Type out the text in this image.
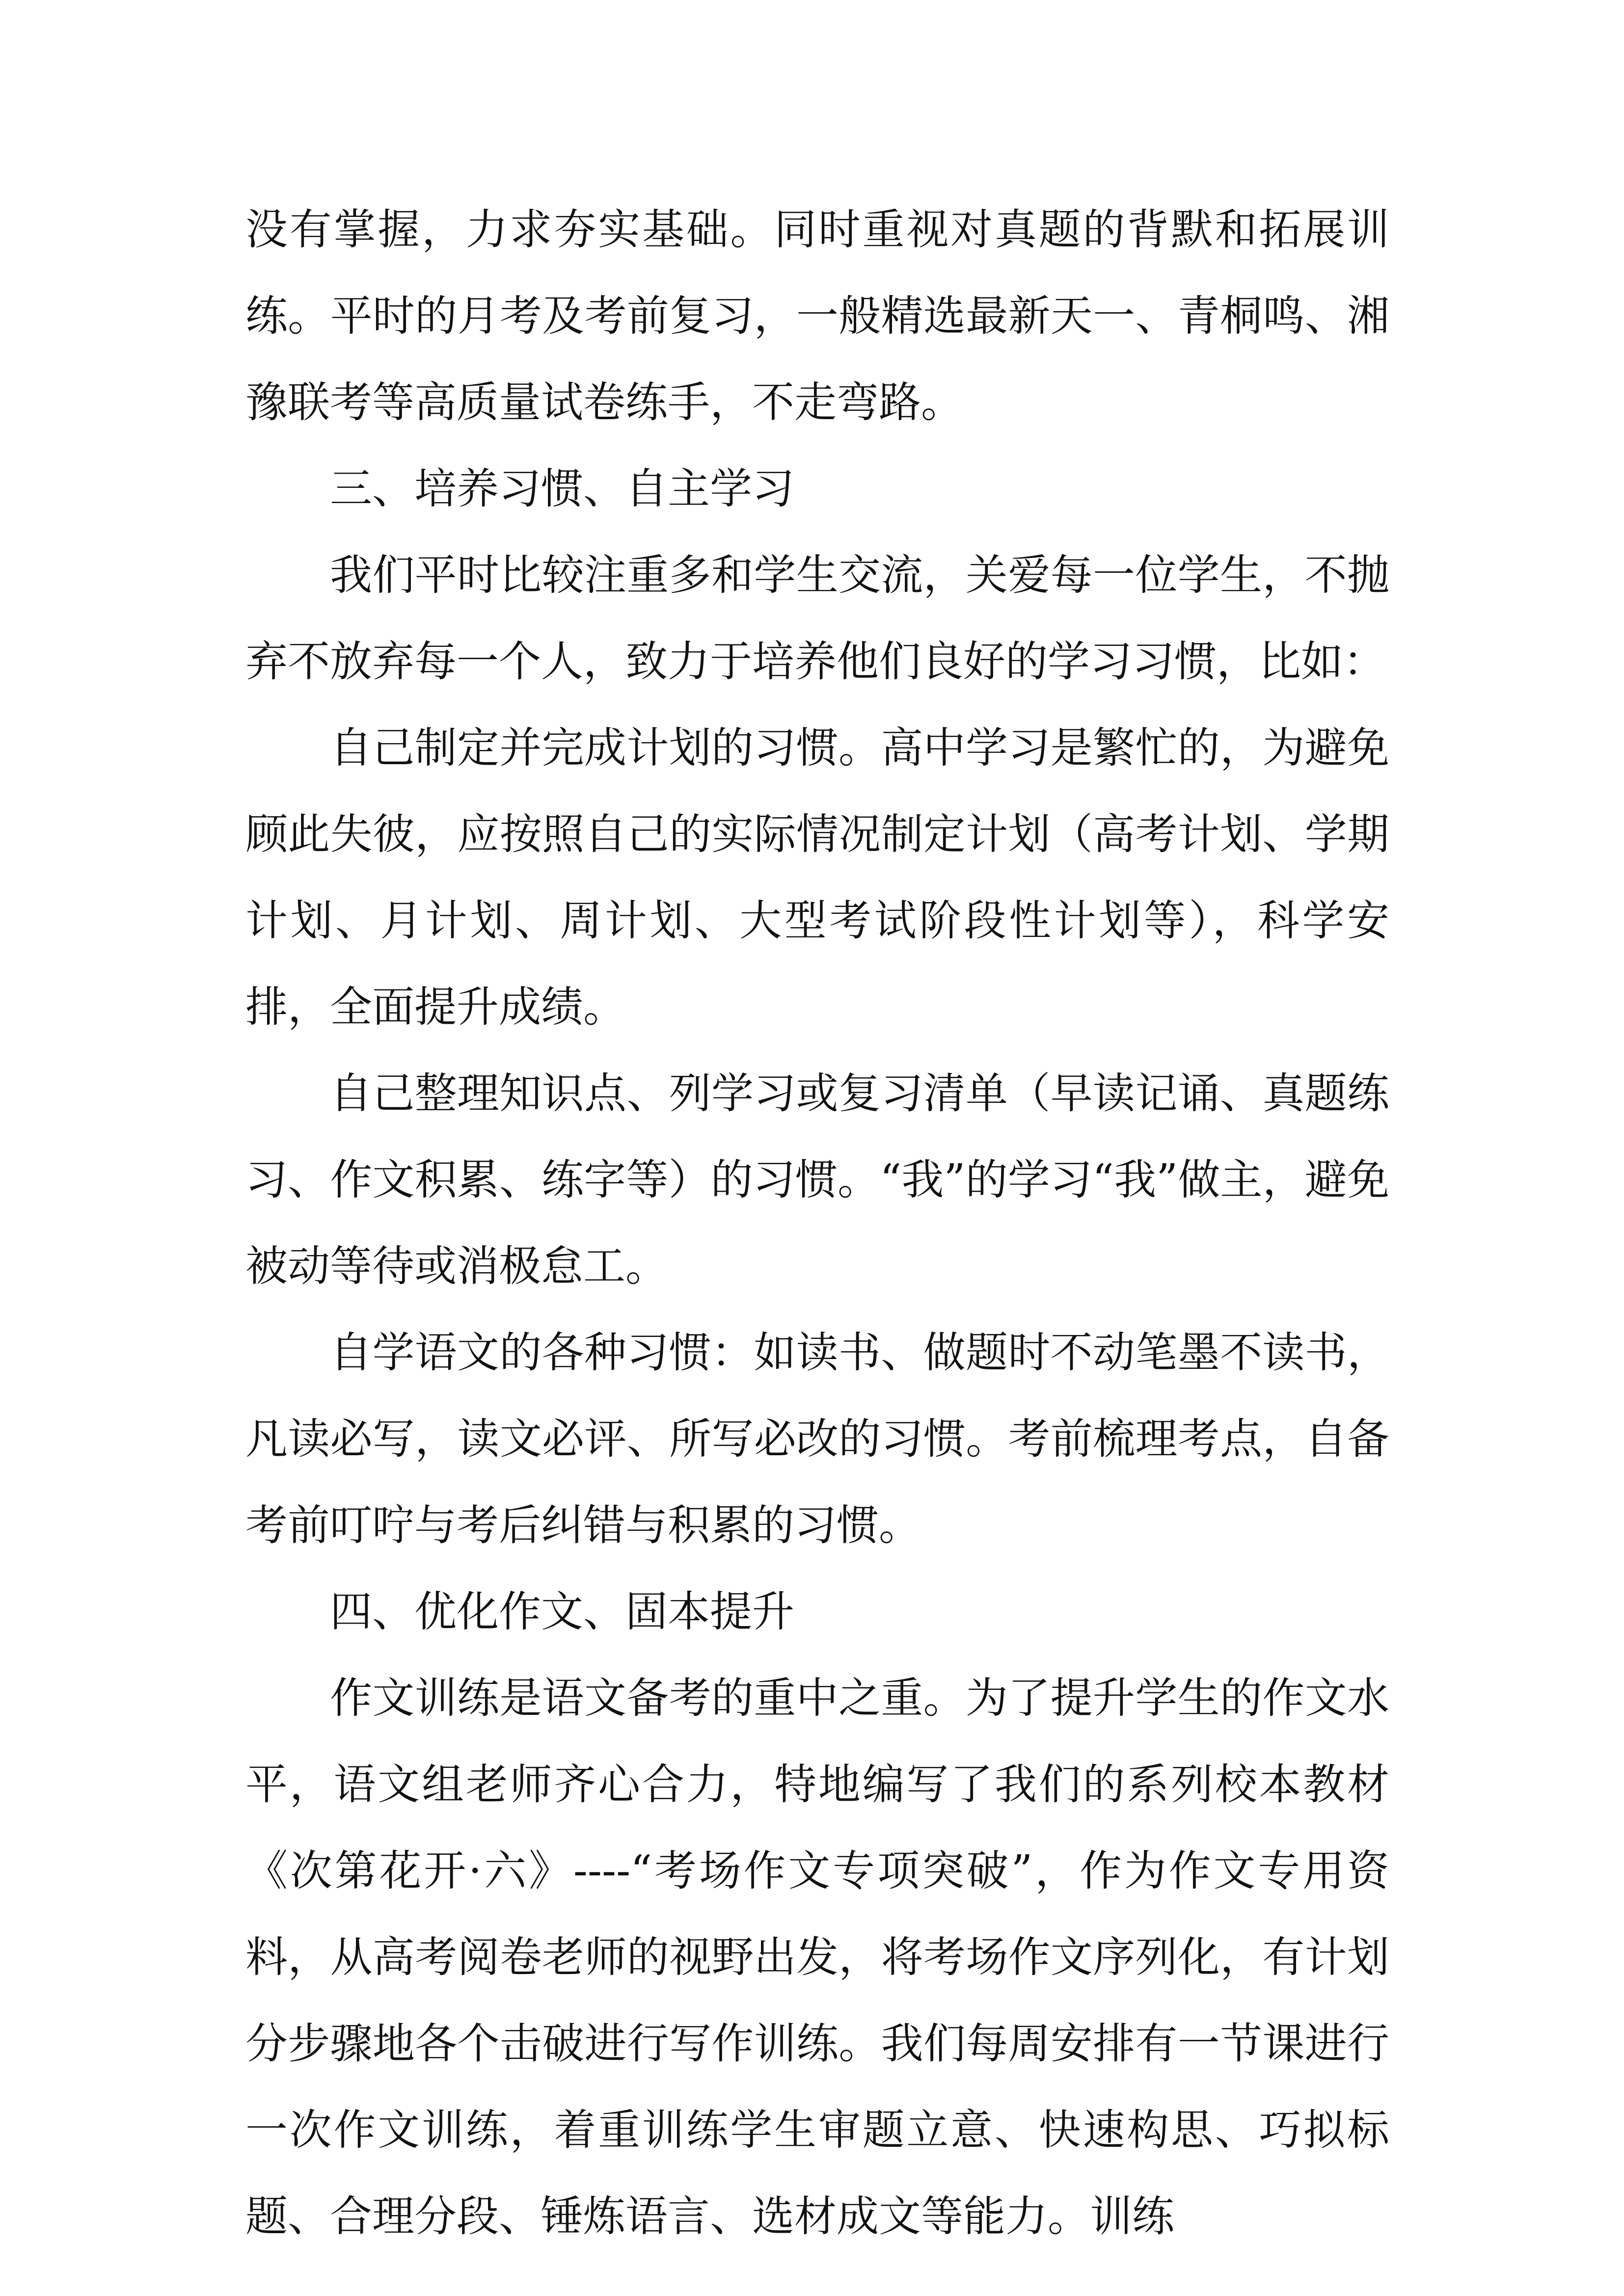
没有掌握，力求夯实基础。同时重视对真题的背默和拓展训练。平时的月考及考前复习，一般精选最新天一、青桐鸣、湘豫联考等高质量试卷练手，不走弯路。

三、培养习惯、自主学习

我们平时比较注重多和学生交流，关爱每一位学生，不抛弃不放弃每一个人，致力于培养他们良好的学习习惯，比如：

自己制定并完成计划的习惯。高中学习是繁忙的，为避免顾此失彼，应按照自己的实际情况制定计划（高考计划、学期计划、月计划、周计划、大型考试阶段性计划等），科学安排，全面提升成绩。

自己整理知识点、列学习或复习清单（早读记诵、真题练习、作文积累、练字等）的习惯。“我”的学习“我”做主，避免被动等待或消极怠工。

自学语文的各种习惯：如读书、做题时不动笔墨不读书，凡读必写，读文必评、所写必改的习惯。考前梳理考点，自备考前叮咛与考后纠错与积累的习惯。

四、优化作文、固本提升

作文训练是语文备考的重中之重。为了提升学生的作文水平，语文组老师齐心合力，特地编写了我们的系列校本教材《次第花开·六》----“考场作文专项突破”，作为作文专用资料，从高考阅卷老师的视野出发，将考场作文序列化，有计划分步骤地各个击破进行写作训练。我们每周安排有一节课进行一次作文训练，着重训练学生审题立意、快速构思、巧拟标题、合理分段、锤炼语言、选材成文等能力。训练
